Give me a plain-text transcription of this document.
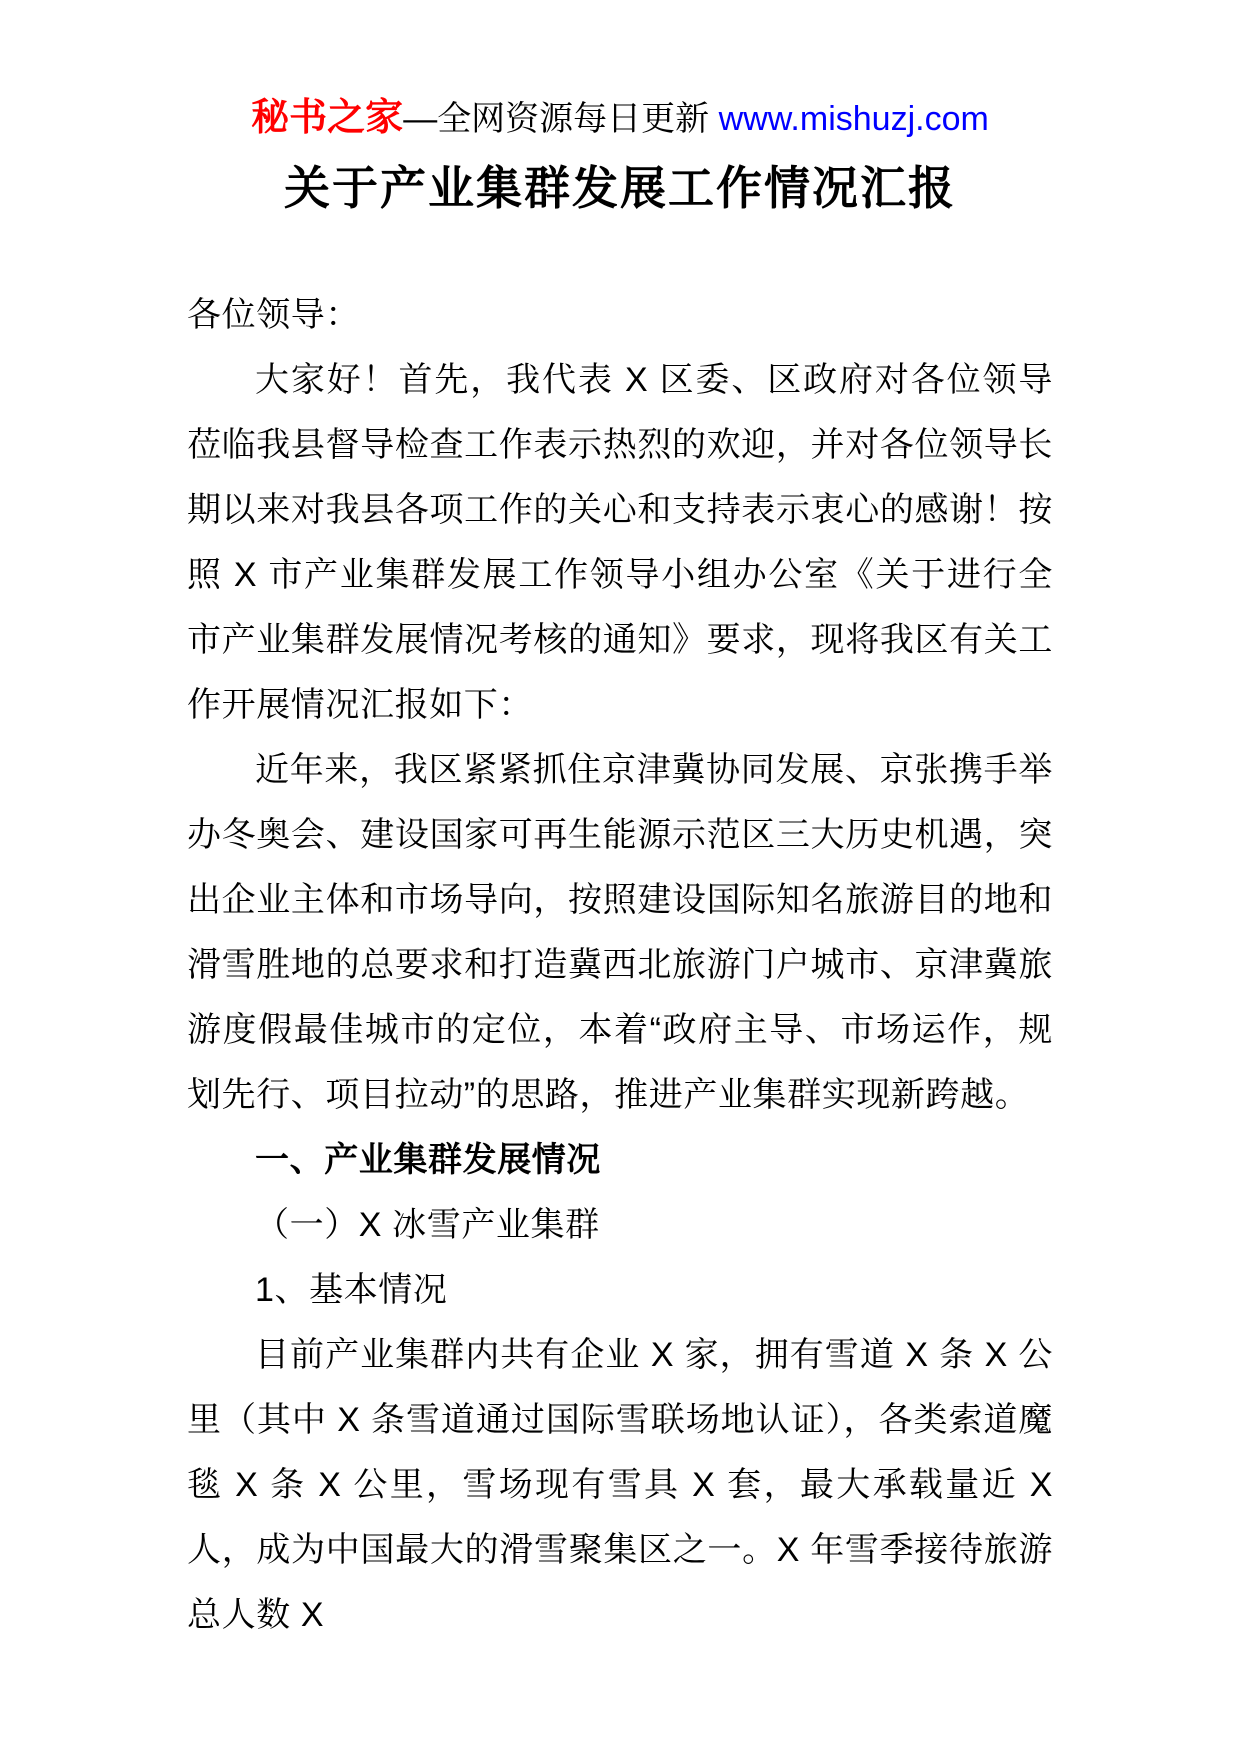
秘书之家—全网资源每日更新 www.mishuzj.com
关于产业集群发展工作情况汇报

各位领导：

大家好！首先，我代表 X 区委、区政府对各位领导莅临我县督导检查工作表示热烈的欢迎，并对各位领导长期以来对我县各项工作的关心和支持表示衷心的感谢！按照 X 市产业集群发展工作领导小组办公室《关于进行全市产业集群发展情况考核的通知》要求，现将我区有关工作开展情况汇报如下：

近年来，我区紧紧抓住京津冀协同发展、京张携手举办冬奥会、建设国家可再生能源示范区三大历史机遇，突出企业主体和市场导向，按照建设国际知名旅游目的地和滑雪胜地的总要求和打造冀西北旅游门户城市、京津冀旅游度假最佳城市的定位，本着“政府主导、市场运作，规划先行、项目拉动”的思路，推进产业集群实现新跨越。

一、产业集群发展情况

（一）X 冰雪产业集群

1、基本情况

目前产业集群内共有企业 X 家，拥有雪道 X 条 X 公里（其中 X 条雪道通过国际雪联场地认证），各类索道魔毯 X 条 X 公里，雪场现有雪具 X 套，最大承载量近 X 人，成为中国最大的滑雪聚集区之一。X 年雪季接待旅游总人数 X
